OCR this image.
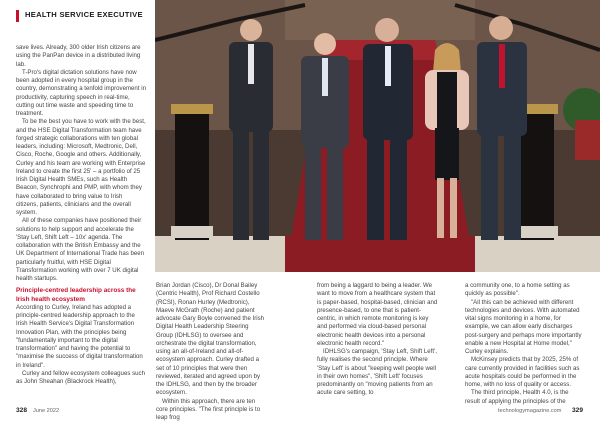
HEALTH SERVICE EXECUTIVE

save lives. Already, 300 older Irish citizens are using the PanPan device in a distributed living lab.

T-Pro's digital dictation solutions have now been adopted in every hospital group in the country, demonstrating a tenfold improvement in productivity, capturing speech in real-time, cutting out time waste and speeding time to treatment.

To be the best you have to work with the best, and the HSE Digital Transformation team have forged strategic collaborations with ten global leaders, including: Microsoft, Medtronic, Dell, Cisco, Roche, Google and others. Additionally, Curley and his team are working with Enterprise Ireland to create the first 25' – a portfolio of 25 Irish Digital Health SMEs, such as Health Beacon, Synchrophi and PMP, with whom they have collaborated to bring value to Irish citizens, patients, clinicians and the overall system.

All of these companies have positioned their solutions to help support and accelerate the 'Stay Left, Shift Left – 10x' agenda. The collaboration with the British Embassy and the UK Department of International Trade has been particularly fruitful, with HSE Digital Transformation working with over 7 UK digital health startups.

Principle-centred leadership across the Irish health ecosystem

According to Curley, Ireland has adopted a principle-centred leadership approach to the Irish Health Service's Digital Transformation Innovation Plan, with the principles being "fundamentally important to the digital transformation" and having the potential to "maximise the success of digital transformation in Ireland".

Curley and fellow ecosystem colleagues such as John Sheahan (Blackrock Health),

Brian Jordan (Cisco), Dr Donal Bailey (Centric Health), Prof Richard Costello (RCSI), Ronan Hurley (Medtronic), Maeve McGrath (Roche) and patient advocate Gary Boyle convened the Irish Digital Health Leadership Steering Group (IDHLSG) to oversee and orchestrate the digital transformation, using an all-of-Ireland and all-of-ecosystem approach. Curley drafted a set of 10 principles that were then reviewed, iterated and agreed upon by the IDHLSG, and then by the broader ecosystem.

Within this approach, there are ten core principles. "The first principle is to leap frog

from being a laggard to being a leader. We want to move from a healthcare system that is paper-based, hospital-based, clinician and presence-based, to one that is patient-centric, in which remote monitoring is key and performed via cloud-based personal electronic health devices into a personal electronic health record."

IDHLSG's campaign, 'Stay Left, Shift Left', fully realises the second principle. Where 'Stay Left' is about "keeping well people well in their own homes", 'Shift Left' focuses predominantly on "moving patients from an acute care setting, to

a community one, to a home setting as quickly as possible".

"All this can be achieved with different technologies and devices. With automated vital signs monitoring in a home, for example, we can allow early discharges post-surgery and perhaps more importantly enable a new Hospital at Home model," Curley explains.

McKinsey predicts that by 2025, 25% of care currently provided in facilities such as acute hospitals could be performed in the home, with no loss of quality or access.

The third principle, Health 4.0, is the result of applying the principles of the

328 June 2022	technologymagazine.com 329
